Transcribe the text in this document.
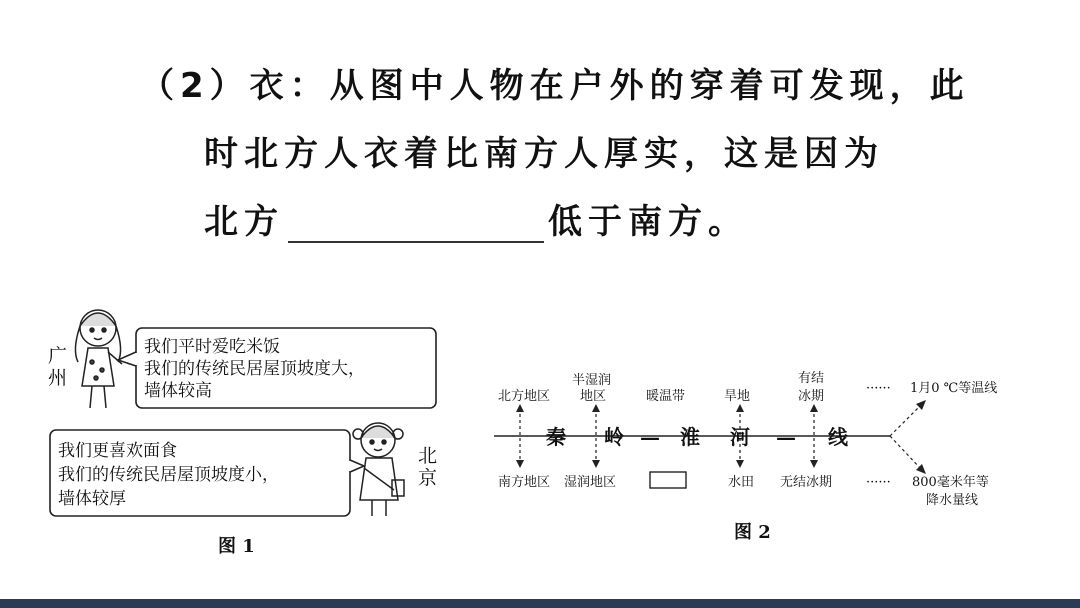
（2）衣：从图中人物在户外的穿着可发现，此
时北方人衣着比南方人厚实，这是因为
北方	低于南方。
广
州
我们平时爱吃米饭
我们的传统民居屋顶坡度大，
墙体较高
北
京
我们更喜欢面食
我们的传统民居屋顶坡度小，
墙体较厚
图 1
北方地区
半湿润
地区	暖温带	旱地
有结
冰期
秦 岭 — 淮 河 — 线
······ 1月0 ℃等温线
······ 800毫米年等
降水量线
南方地区 湿润地区	水田 无结冰期
图 2
